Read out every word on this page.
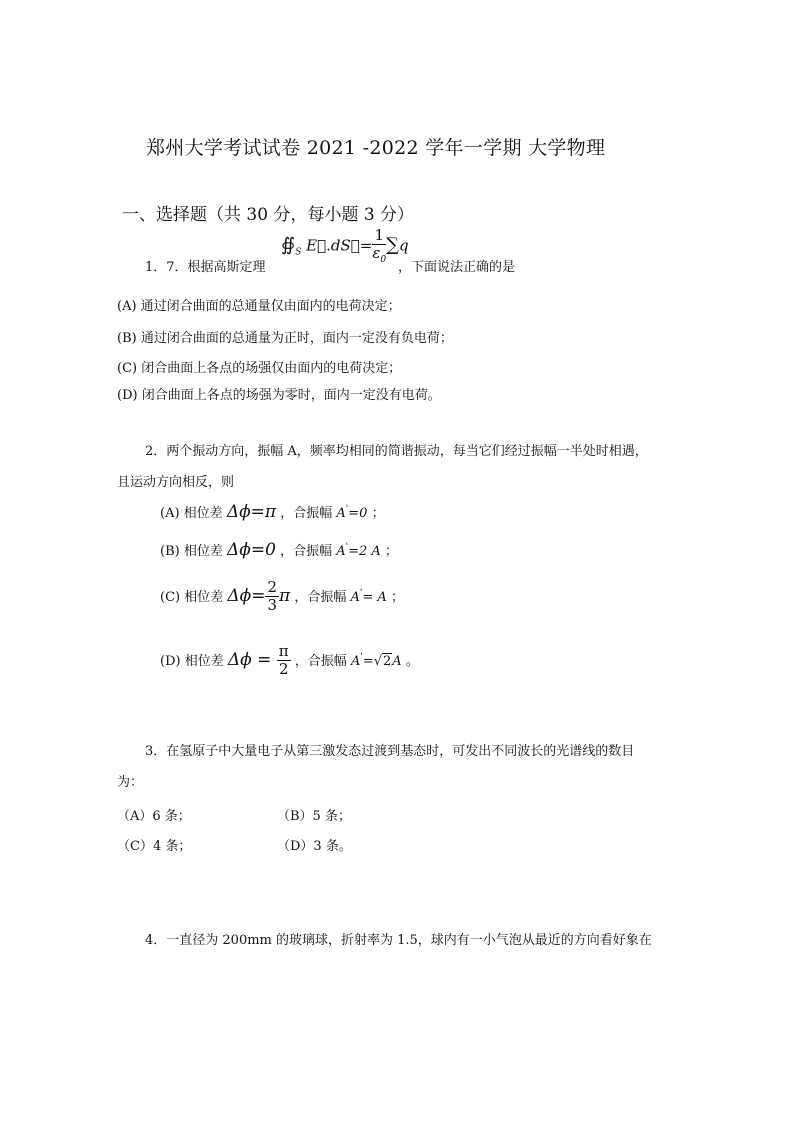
郑州大学考试试卷 2021 -2022 学年一学期 大学物理
一、选择题（共 30 分，每小题 3 分）
1．7．根据高斯定理
$∯_S$ E⃗.dS⃗= $\frac{1}{\varepsilon_0} \sum q$
，下面说法正确的是
(A) 通过闭合曲面的总通量仅由面内的电荷决定；
(B) 通过闭合曲面的总通量为正时，面内一定没有负电荷；
(C) 闭合曲面上各点的场强仅由面内的电荷决定；
(D) 闭合曲面上各点的场强为零时，面内一定没有电荷。
2．两个振动方向，振幅 A，频率均相同的简谐振动，每当它们经过振幅一半处时相遇，
且运动方向相反，则
(A) 相位差 Δϕ=π ，合振幅 A'=0 ；
(B) 相位差 Δϕ=0 ，合振幅 A'=2 A ；
(C) 相位差 $\Delta\phi= \frac{2}{3}$ π ，合振幅 A'= A ；
(D) 相位差 $\Delta\phi = \frac{\pi}{2}$ ，合振幅 A'=√2A 。
3．在氢原子中大量电子从第三激发态过渡到基态时，可发出不同波长的光谱线的数目
为：
（A）6 条；	（B）5 条；
（C）4 条；	（D）3 条。
4．一直径为 200mm 的玻璃球，折射率为 1.5，球内有一小气泡从最近的方向看好象在
